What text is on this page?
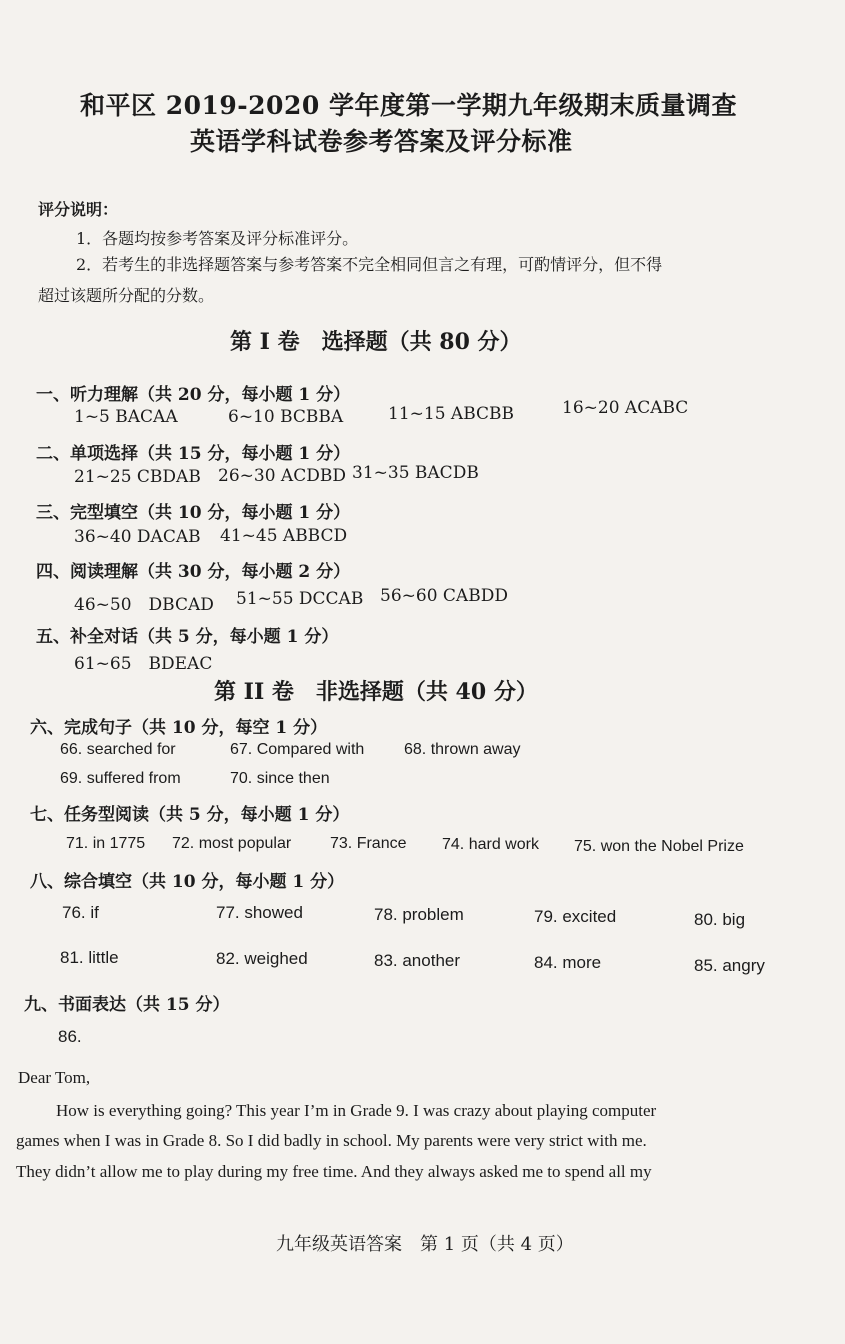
和平区 2019-2020 学年度第一学期九年级期末质量调查
英语学科试卷参考答案及评分标准
评分说明：
1．各题均按参考答案及评分标准评分。
2．若考生的非选择题答案与参考答案不完全相同但言之有理，可酌情评分，但不得
超过该题所分配的分数。
第 I 卷　选择题（共 80 分）
一、听力理解（共 20 分，每小题 1 分）
1~5 BACAA	6~10 BCBBA	11~15 ABCBB	16~20 ACABC
二、单项选择（共 15 分，每小题 1 分）
21~25 CBDAB 26~30 ACDBD 31~35 BACDB
三、完型填空（共 10 分，每小题 1 分）
36~40 DACAB 41~45 ABBCD
四、阅读理解（共 30 分，每小题 2 分）
46~50　DBCAD 51~55 DCCAB 56~60 CABDD
五、补全对话（共 5 分，每小题 1 分）
61~65　BDEAC
第 II 卷　非选择题（共 40 分）
六、完成句子（共 10 分，每空 1 分）
66. searched for	67. Compared with 68. thrown away
69. suffered from	70. since then
七、任务型阅读（共 5 分，每小题 1 分）
71. in 1775 72. most popular 73. France 74. hard work 75. won the Nobel Prize
八、综合填空（共 10 分，每小题 1 分）
76. if	77. showed	78. problem	79. excited	80. big
81. little	82. weighed	83. another	84. more	85. angry
九、书面表达（共 15 分）
86.
Dear Tom,
How is everything going? This year I’m in Grade 9. I was crazy about playing computer
games when I was in Grade 8. So I did badly in school. My parents were very strict with me.
They didn’t allow me to play during my free time. And they always asked me to spend all my
九年级英语答案　第 1 页（共 4 页）
